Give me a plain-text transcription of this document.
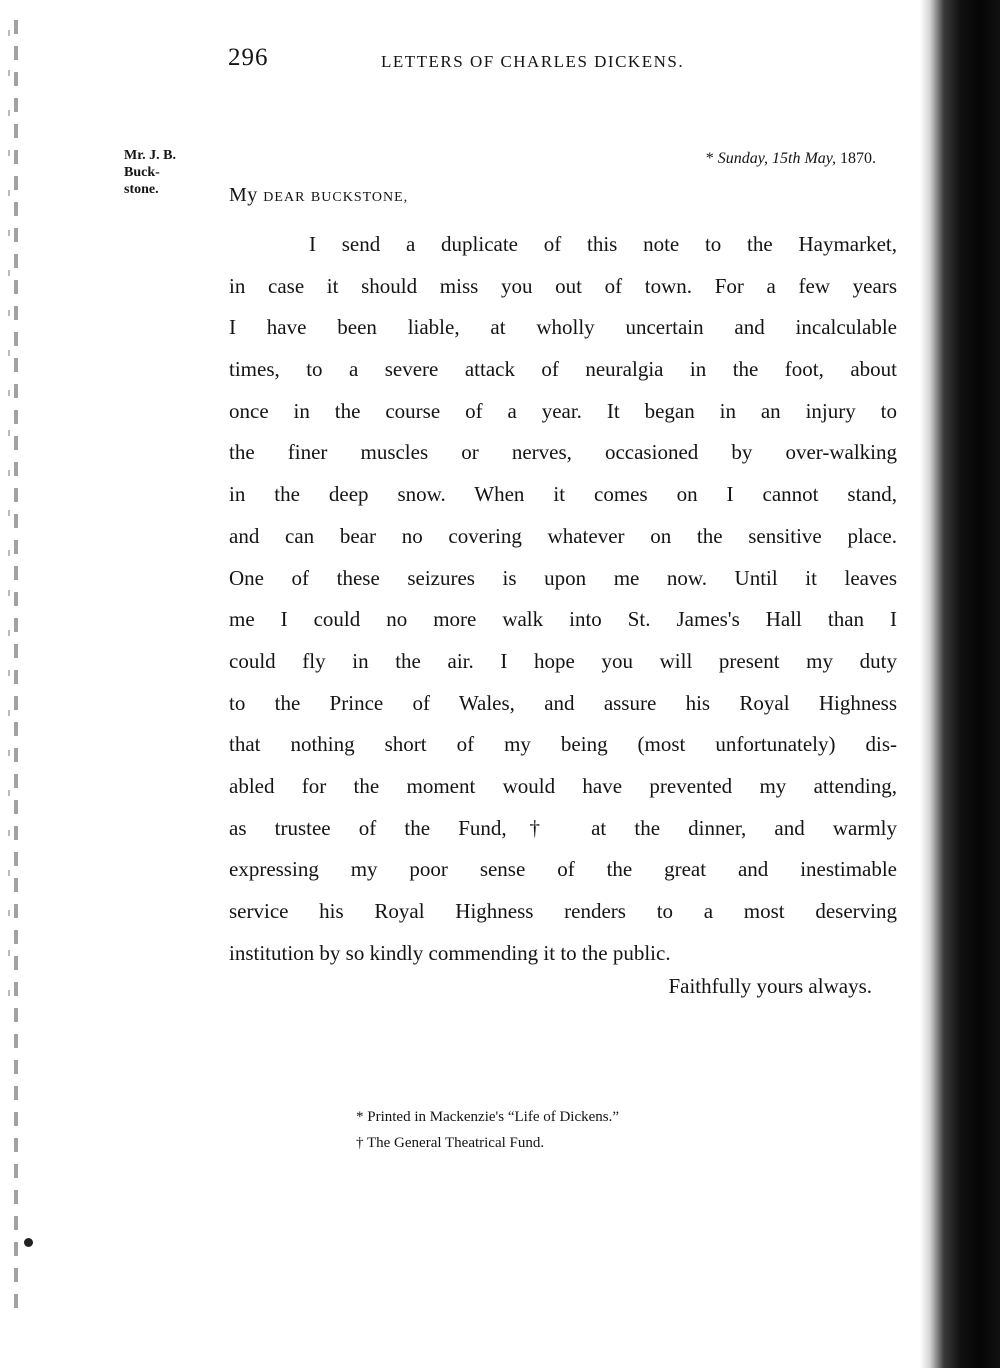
296	LETTERS OF CHARLES DICKENS.
Mr. J. B.
Buck-
stone.
* Sunday, 15th May, 1870.
My DEAR BUCKSTONE,
I send a duplicate of this note to the Haymarket,
in case it should miss you out of town. For a few years
I have been liable, at wholly uncertain and incalculable
times, to a severe attack of neuralgia in the foot, about
once in the course of a year. It began in an injury to
the finer muscles or nerves, occasioned by over-walking
in the deep snow. When it comes on I cannot stand,
and can bear no covering whatever on the sensitive place.
One of these seizures is upon me now. Until it leaves
me I could no more walk into St. James's Hall than I
could fly in the air. I hope you will present my duty
to the Prince of Wales, and assure his Royal Highness
that nothing short of my being (most unfortunately) dis-
abled for the moment would have prevented my attending,
as trustee of the Fund,† at the dinner, and warmly
expressing my poor sense of the great and inestimable
service his Royal Highness renders to a most deserving
institution by so kindly commending it to the public.
Faithfully yours always.
* Printed in Mackenzie's “Life of Dickens.”
† The General Theatrical Fund.
